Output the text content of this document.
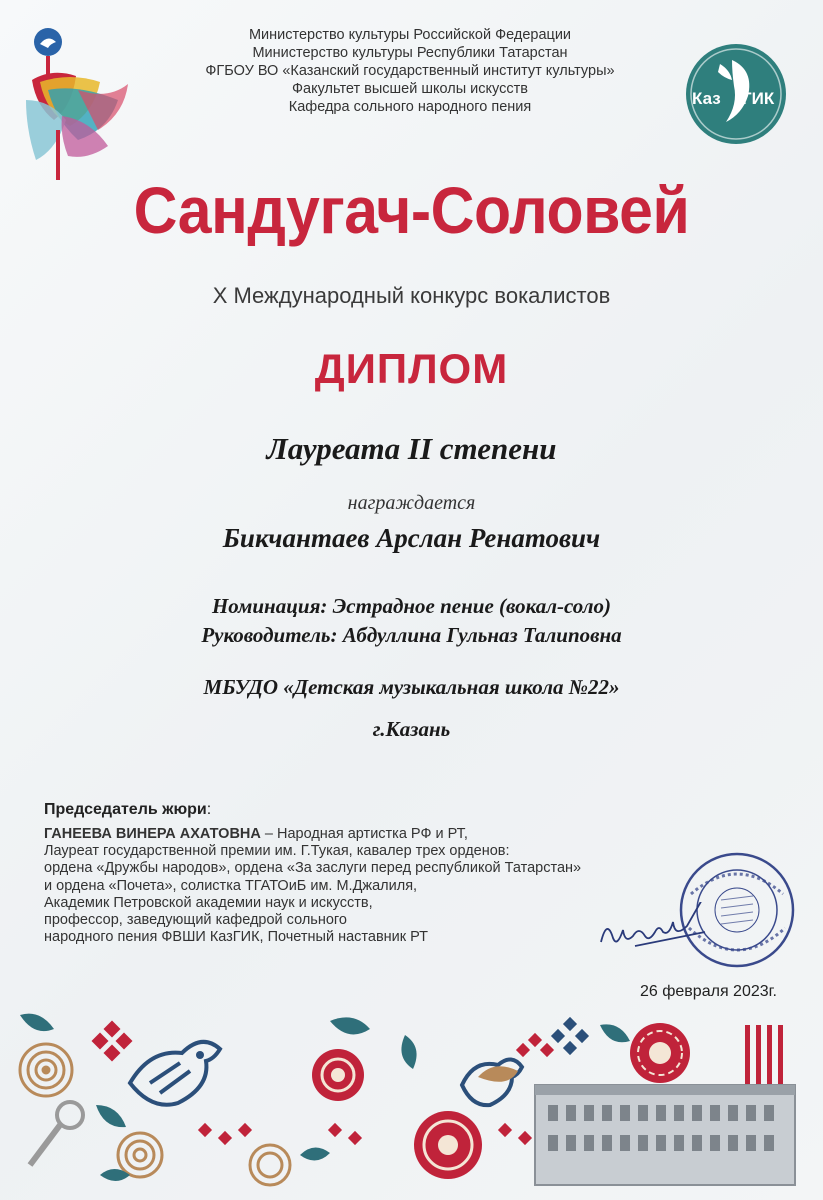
Министерство культуры Российской Федерации
Министерство культуры Республики Татарстан
ФГБОУ ВО «Казанский государственный институт культуры»
Факультет высшей школы искусств
Кафедра сольного народного пения	Каз ГИК
Сандугач-Соловей
X Международный конкурс вокалистов
ДИПЛОМ
Лауреата II степени
награждается
Бикчантаев Арслан Ренатович
Номинация: Эстрадное пение (вокал-соло)
Руководитель: Абдуллина Гульназ Талиповна
МБУДО «Детская музыкальная школа №22»
г.Казань
Председатель жюри:
ГАНЕЕВА ВИНЕРА АХАТОВНА – Народная артистка РФ и РТ,
Лауреат государственной премии им. Г.Тукая, кавалер трех орденов:
ордена «Дружбы народов», ордена «За заслуги перед республикой Татарстан»
и ордена «Почета», солистка ТГАТОиБ им. М.Джалиля,
Академик Петровской академии наук и искусств,
профессор, заведующий кафедрой сольного
народного пения ФВШИ КазГИК, Почетный наставник РТ
26 февраля 2023г.
